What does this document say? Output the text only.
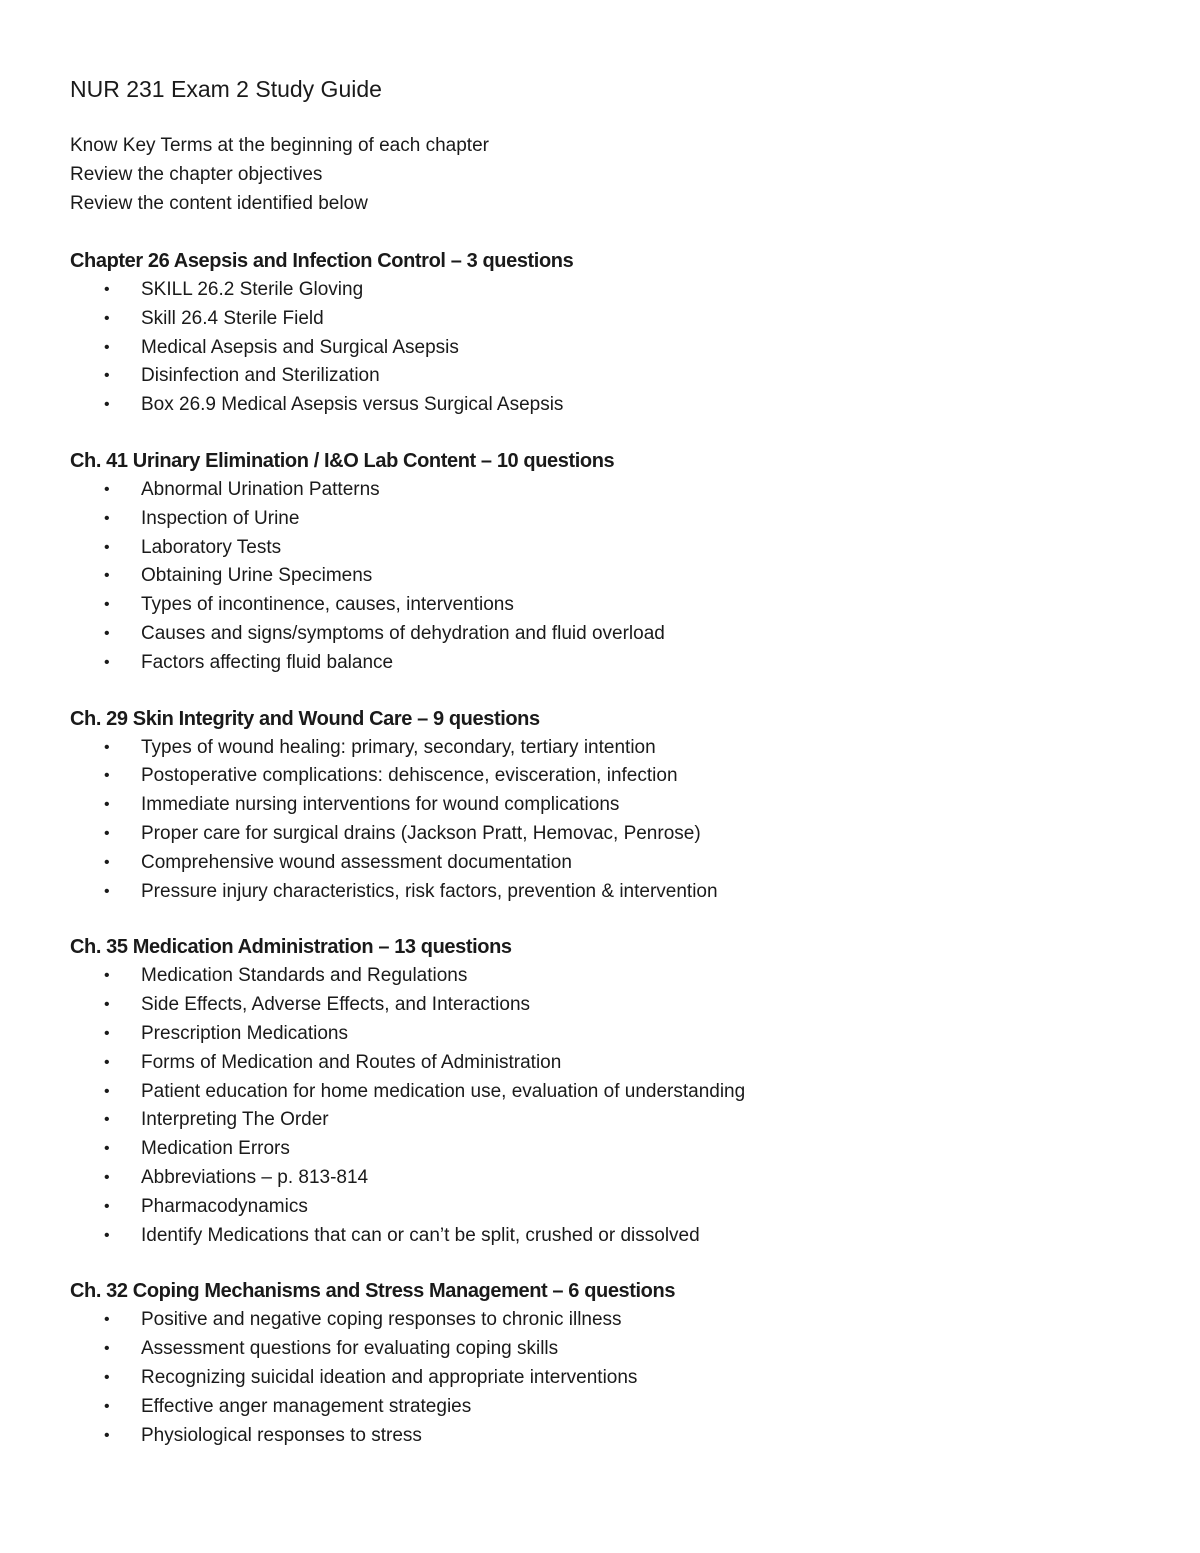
NUR 231 Exam 2 Study Guide

Know Key Terms at the beginning of each chapter

Review the chapter objectives

Review the content identified below

Chapter 26 Asepsis and Infection Control – 3 questions
• SKILL 26.2 Sterile Gloving
• Skill 26.4 Sterile Field
• Medical Asepsis and Surgical Asepsis
• Disinfection and Sterilization
• Box 26.9 Medical Asepsis versus Surgical Asepsis
Ch. 41 Urinary Elimination / I&O Lab Content – 10 questions
• Abnormal Urination Patterns
• Inspection of Urine
• Laboratory Tests
• Obtaining Urine Specimens
• Types of incontinence, causes, interventions
• Causes and signs/symptoms of dehydration and fluid overload
• Factors affecting fluid balance
Ch. 29 Skin Integrity and Wound Care – 9 questions
• Types of wound healing: primary, secondary, tertiary intention
• Postoperative complications: dehiscence, evisceration, infection
• Immediate nursing interventions for wound complications
• Proper care for surgical drains (Jackson Pratt, Hemovac, Penrose)
• Comprehensive wound assessment documentation
• Pressure injury characteristics, risk factors, prevention & intervention
Ch. 35 Medication Administration – 13 questions
• Medication Standards and Regulations
• Side Effects, Adverse Effects, and Interactions
• Prescription Medications
• Forms of Medication and Routes of Administration
• Patient education for home medication use, evaluation of understanding
• Interpreting The Order
• Medication Errors
• Abbreviations – p. 813-814
• Pharmacodynamics
• Identify Medications that can or can’t be split, crushed or dissolved
Ch. 32 Coping Mechanisms and Stress Management – 6 questions
• Positive and negative coping responses to chronic illness
• Assessment questions for evaluating coping skills
• Recognizing suicidal ideation and appropriate interventions
• Effective anger management strategies
• Physiological responses to stress
